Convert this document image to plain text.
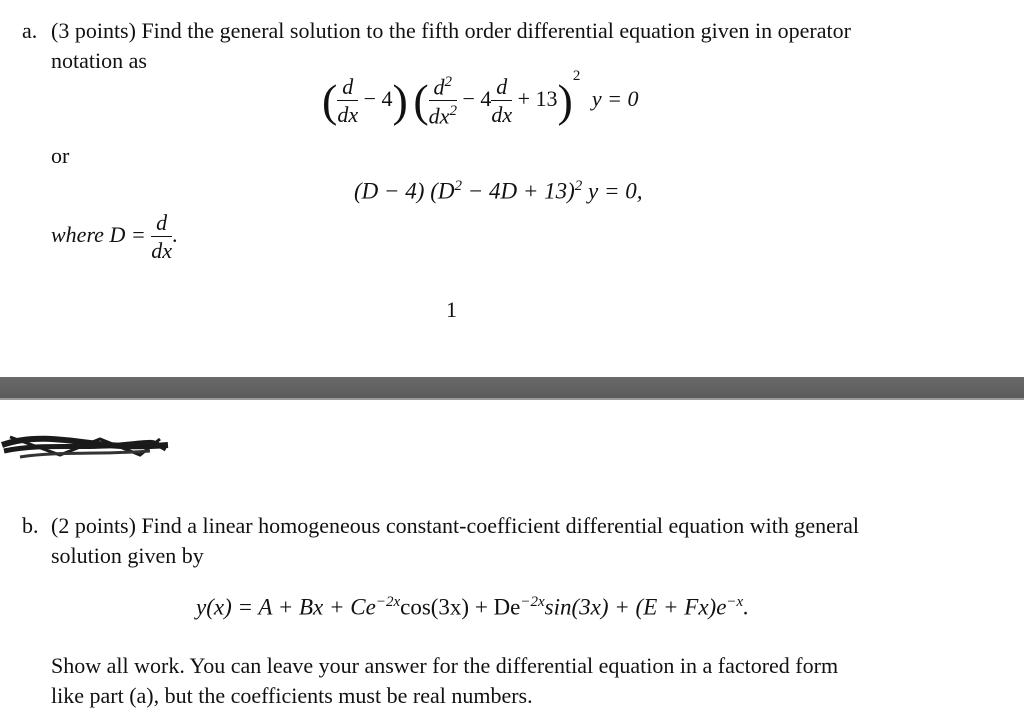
a. (3 points) Find the general solution to the fifth order differential equation given in operator
notation as
( $\frac{d}{dx} - 4$) ( $\frac{d^2}{dx^2} - 4 \frac{d}{dx} + 13)^2$ y = 0
or
(D − 4) $(D^2 - 4D + 13)^2$ y = 0,
where $D = \frac{d}{dx}$ .
1
b. (2 points) Find a linear homogeneous constant-coefficient differential equation with general
solution given by
$y(x) = A + Bx + Ce^{-2x}\cos(3x) + De^{-2x}\sin(3x) + (E + Fx)e^{-x}$.
Show all work. You can leave your answer for the differential equation in a factored form
like part (a), but the coefficients must be real numbers.
